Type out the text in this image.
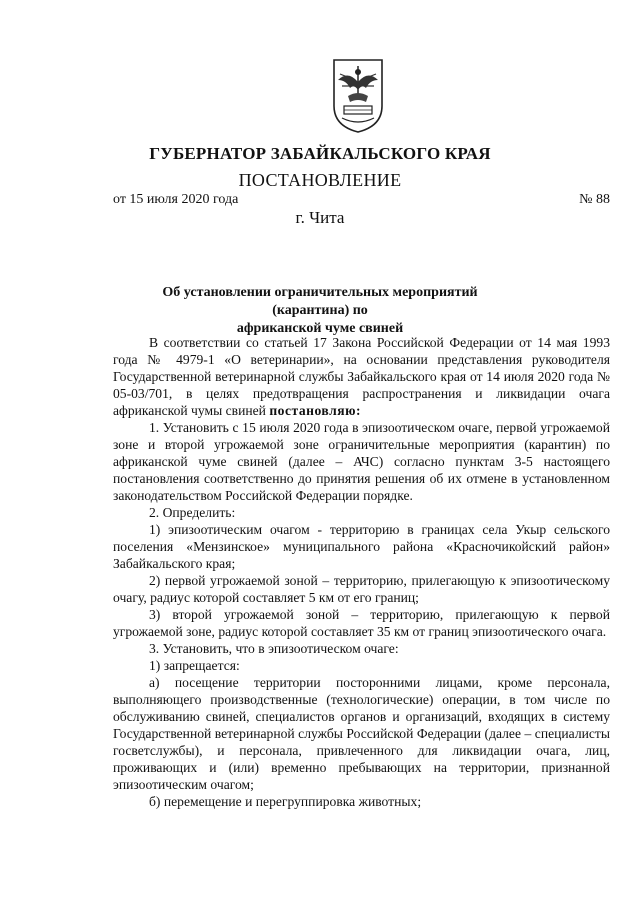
ГУБЕРНАТОР ЗАБАЙКАЛЬСКОГО КРАЯ
ПОСТАНОВЛЕНИЕ
от 15 июля 2020 года	№ 88
г. Чита
Об установлении ограничительных мероприятий (карантина) по
африканской чуме свиней

В соответствии со статьей 17 Закона Российской Федерации от 14 мая 1993 года № 4979-1 «О ветеринарии», на основании представления руководителя Государственной ветеринарной службы Забайкальского края от 14 июля 2020 года № 05-03/701, в целях предотвращения распространения и ликвидации очага африканской чумы свиней постановляю:

1. Установить с 15 июля 2020 года в эпизоотическом очаге, первой угрожаемой зоне и второй угрожаемой зоне ограничительные мероприятия (карантин) по африканской чуме свиней (далее – АЧС) согласно пунктам 3-5 настоящего постановления соответственно до принятия решения об их отмене в установленном законодательством Российской Федерации порядке.

2. Определить:

1) эпизоотическим очагом - территорию в границах села Укыр сельского поселения «Мензинское» муниципального района «Красночикойский район» Забайкальского края;

2) первой угрожаемой зоной – территорию, прилегающую к эпизоотическому очагу, радиус которой составляет 5 км от его границ;

3) второй угрожаемой зоной – территорию, прилегающую к первой угрожаемой зоне, радиус которой составляет 35 км от границ эпизоотического очага.

3. Установить, что в эпизоотическом очаге:

1) запрещается:

а) посещение территории посторонними лицами, кроме персонала, выполняющего производственные (технологические) операции, в том числе по обслуживанию свиней, специалистов органов и организаций, входящих в систему Государственной ветеринарной службы Российской Федерации (далее – специалисты госветслужбы), и персонала, привлеченного для ликвидации очага, лиц, проживающих и (или) временно пребывающих на территории, признанной эпизоотическим очагом;

б) перемещение и перегруппировка животных;
